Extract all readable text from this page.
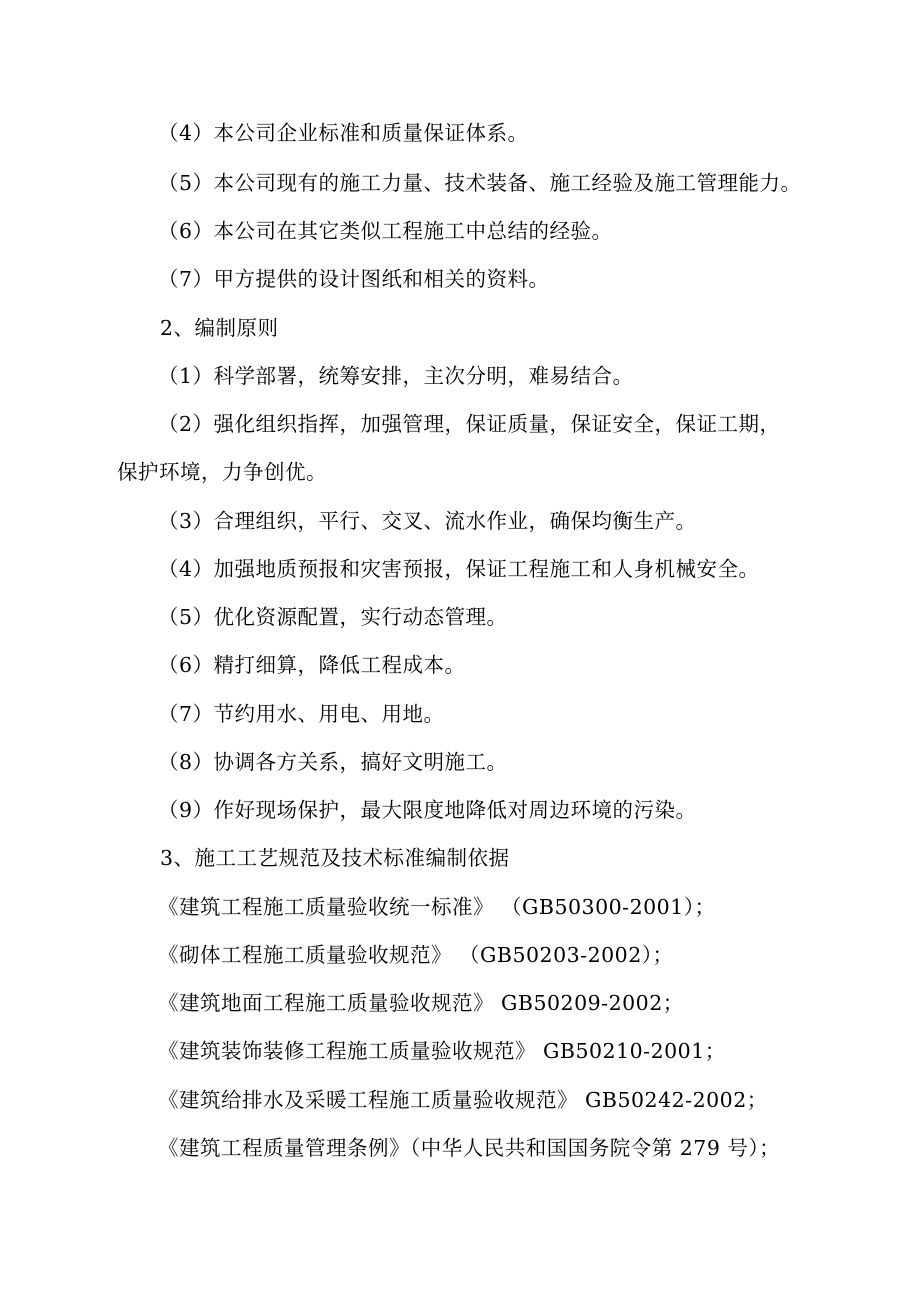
（4）本公司企业标准和质量保证体系。
（5）本公司现有的施工力量、技术装备、施工经验及施工管理能力。
（6）本公司在其它类似工程施工中总结的经验。
（7）甲方提供的设计图纸和相关的资料。
2、编制原则
（1）科学部署，统筹安排，主次分明，难易结合。
（2）强化组织指挥，加强管理，保证质量，保证安全，保证工期，
保护环境，力争创优。
（3）合理组织，平行、交叉、流水作业，确保均衡生产。
（4）加强地质预报和灾害预报，保证工程施工和人身机械安全。
（5）优化资源配置，实行动态管理。
（6）精打细算，降低工程成本。
（7）节约用水、用电、用地。
（8）协调各方关系，搞好文明施工。
（9）作好现场保护，最大限度地降低对周边环境的污染。
3、施工工艺规范及技术标准编制依据
《建筑工程施工质量验收统一标准》 （GB50300-2001）；
《砌体工程施工质量验收规范》 （GB50203-2002）；
《建筑地面工程施工质量验收规范》 GB50209-2002；
《建筑装饰装修工程施工质量验收规范》 GB50210-2001；
《建筑给排水及采暖工程施工质量验收规范》 GB50242-2002；
《建筑工程质量管理条例》（中华人民共和国国务院令第 279 号）；
